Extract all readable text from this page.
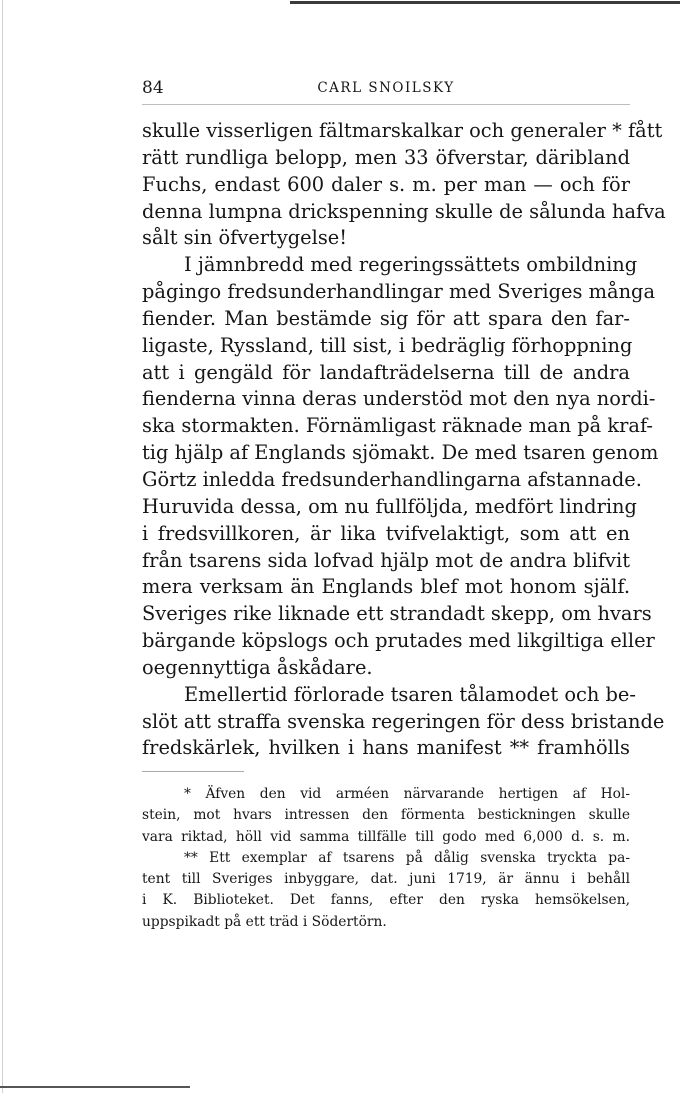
84	CARL SNOILSKY
skulle visserligen fältmarskalkar och generaler * fått
rätt rundliga belopp, men 33 öfverstar, däribland
Fuchs, endast 600 daler s. m. per man — och för
denna lumpna drickspenning skulle de sålunda hafva
sålt sin öfvertygelse!
I jämnbredd med regeringssättets ombildning
pågingo fredsunderhandlingar med Sveriges många
fiender. Man bestämde sig för att spara den far-
ligaste, Ryssland, till sist, i bedräglig förhoppning
att i gengäld för landafträdelserna till de andra
fienderna vinna deras understöd mot den nya nordi-
ska stormakten. Förnämligast räknade man på kraf-
tig hjälp af Englands sjömakt. De med tsaren genom
Görtz inledda fredsunderhandlingarna afstannade.
Huruvida dessa, om nu fullföljda, medfört lindring
i fredsvillkoren, är lika tvifvelaktigt, som att en
från tsarens sida lofvad hjälp mot de andra blifvit
mera verksam än Englands blef mot honom själf.
Sveriges rike liknade ett strandadt skepp, om hvars
bärgande köpslogs och prutades med likgiltiga eller
oegennyttiga åskådare.
Emellertid förlorade tsaren tålamodet och be-
slöt att straffa svenska regeringen för dess bristande
fredskärlek, hvilken i hans manifest ** framhölls
* Äfven den vid arméen närvarande hertigen af Hol-
stein, mot hvars intressen den förmenta bestickningen skulle
vara riktad, höll vid samma tillfälle till godo med 6,000 d. s. m.
** Ett exemplar af tsarens på dålig svenska tryckta pa-
tent till Sveriges inbyggare, dat. juni 1719, är ännu i behåll
i K. Biblioteket. Det fanns, efter den ryska hemsökelsen,
uppspikadt på ett träd i Södertörn.
